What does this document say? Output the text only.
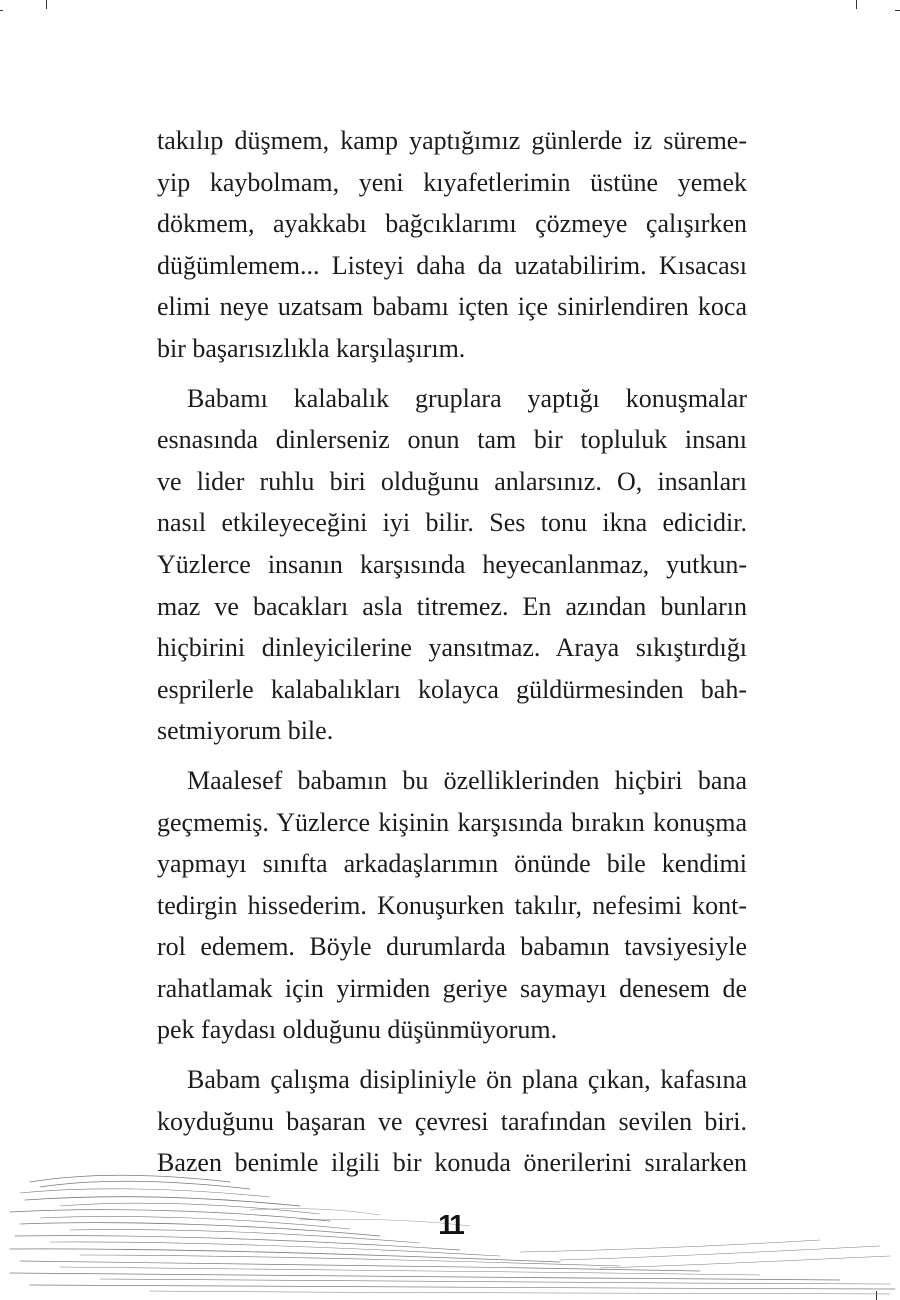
takılıp düşmem, kamp yaptığımız günlerde iz süreme-
yip kaybolmam, yeni kıyafetlerimin üstüne yemek
dökmem, ayakkabı bağcıklarımı çözmeye çalışırken
düğümlemem... Listeyi daha da uzatabilirim. Kısacası
elimi neye uzatsam babamı içten içe sinirlendiren koca
bir başarısızlıkla karşılaşırım.

Babamı kalabalık gruplara yaptığı konuşmalar
esnasında dinlerseniz onun tam bir topluluk insanı
ve lider ruhlu biri olduğunu anlarsınız. O, insanları
nasıl etkileyeceğini iyi bilir. Ses tonu ikna edicidir.
Yüzlerce insanın karşısında heyecanlanmaz, yutkun-
maz ve bacakları asla titremez. En azından bunların
hiçbirini dinleyicilerine yansıtmaz. Araya sıkıştırdığı
esprilerle kalabalıkları kolayca güldürmesinden bah-
setmiyorum bile.

Maalesef babamın bu özelliklerinden hiçbiri bana
geçmemiş. Yüzlerce kişinin karşısında bırakın konuşma
yapmayı sınıfta arkadaşlarımın önünde bile kendimi
tedirgin hissederim. Konuşurken takılır, nefesimi kont-
rol edemem. Böyle durumlarda babamın tavsiyesiyle
rahatlamak için yirmiden geriye saymayı denesem de
pek faydası olduğunu düşünmüyorum.

Babam çalışma disipliniyle ön plana çıkan, kafasına
koyduğunu başaran ve çevresi tarafından sevilen biri.
Bazen benimle ilgili bir konuda önerilerini sıralarken

11
